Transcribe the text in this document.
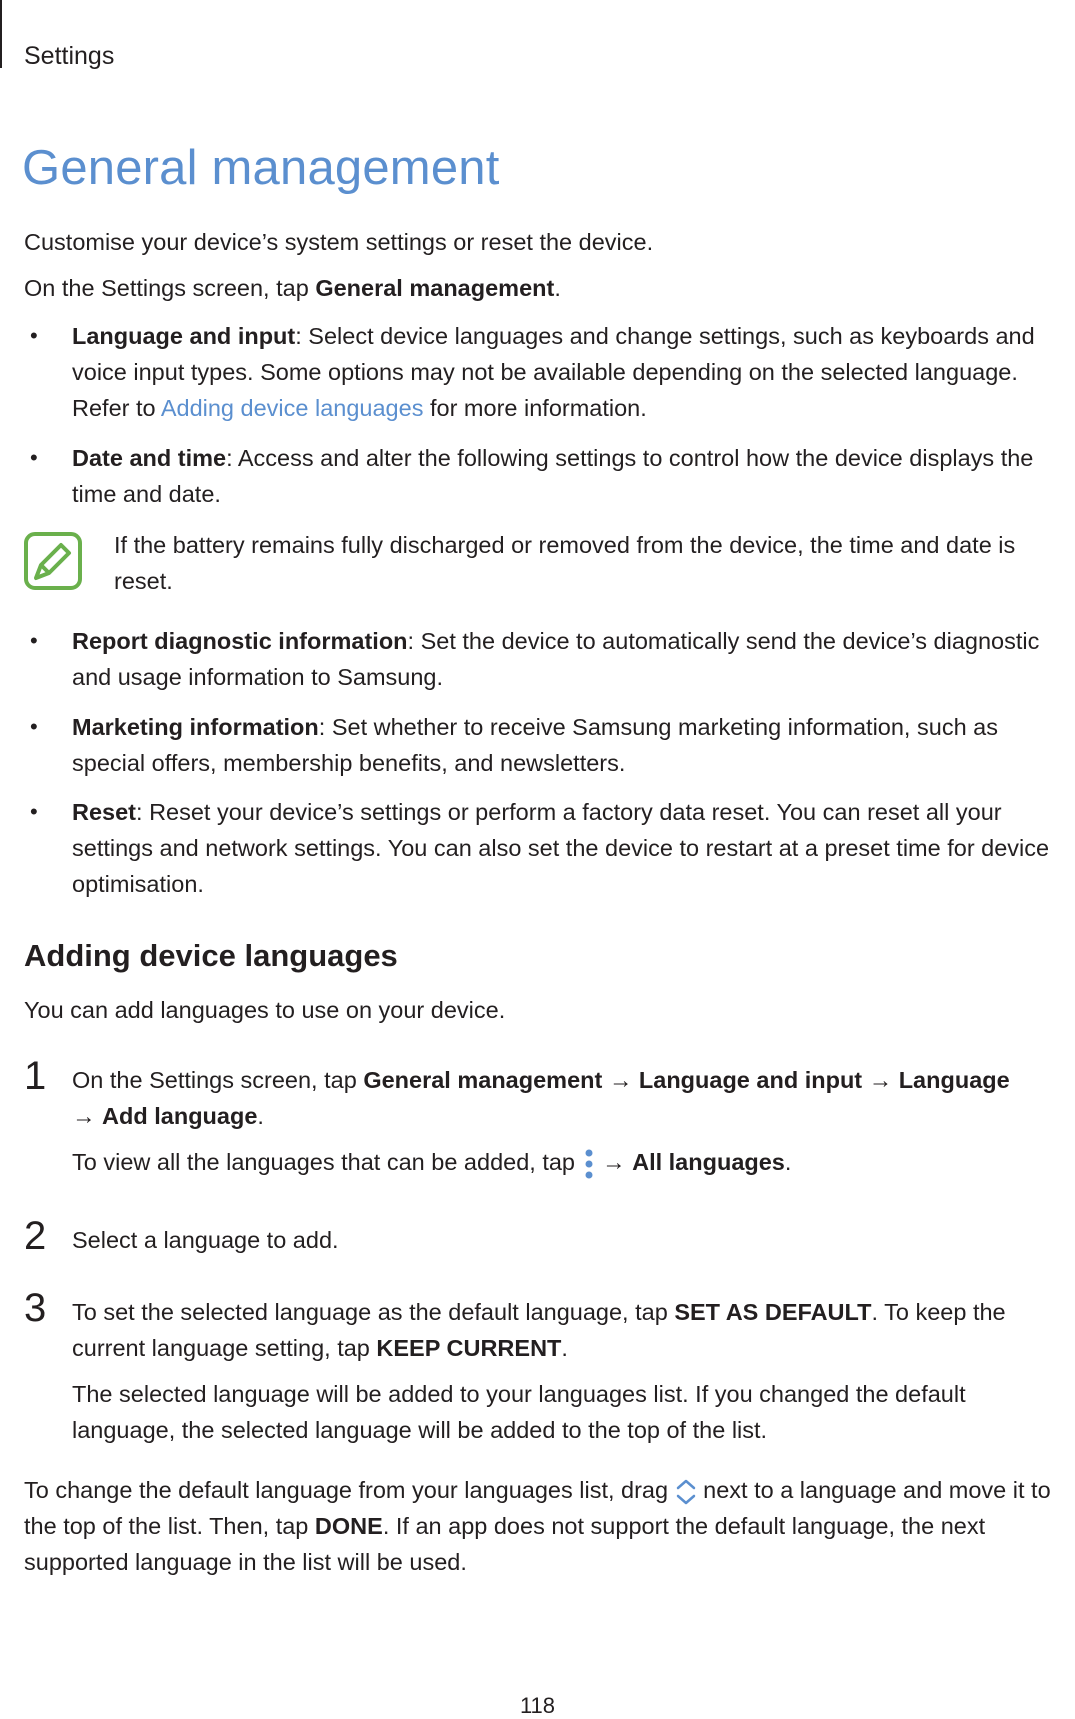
Settings
General management

Customise your device’s system settings or reset the device.

On the Settings screen, tap General management.

• Language and input: Select device languages and change settings, such as keyboards and voice input types. Some options may not be available depending on the selected language. Refer to Adding device languages for more information.
• Date and time: Access and alter the following settings to control how the device displays the time and date.
If the battery remains fully discharged or removed from the device, the time and date is reset.
• Report diagnostic information: Set the device to automatically send the device’s diagnostic and usage information to Samsung.
• Marketing information: Set whether to receive Samsung marketing information, such as special offers, membership benefits, and newsletters.
• Reset: Reset your device’s settings or perform a factory data reset. You can reset all your settings and network settings. You can also set the device to restart at a preset time for device optimisation.
Adding device languages

You can add languages to use on your device.

1	On the Settings screen, tap General management → Language and input → Language
→ Add language.
To view all the languages that can be added, tap  → All languages.
2	Select a language to add.
3	To set the selected language as the default language, tap SET AS DEFAULT. To keep the current language setting, tap KEEP CURRENT.
The selected language will be added to your languages list. If you changed the default language, the selected language will be added to the top of the list.

To change the default language from your languages list, drag  next to a language and move it to the top of the list. Then, tap DONE. If an app does not support the default language, the next supported language in the list will be used.

118
